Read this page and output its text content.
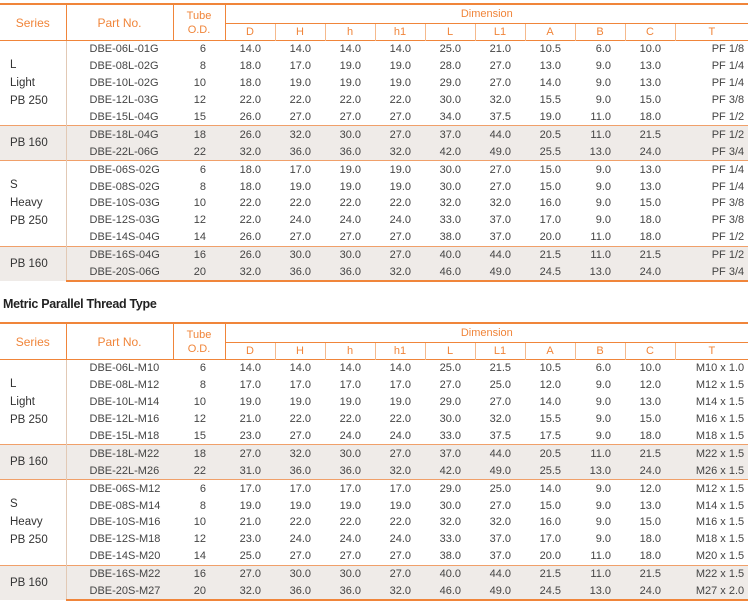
Series	Part No.	Tube
O.D.	Dimension									
			D	H	h	h1	L	L1	A	B	C	T
L
Light
PB 250	DBE-06L-01G	6	14.0	14.0	14.0	14.0	25.0	21.0	10.5	6.0	10.0	PF 1/8
	DBE-08L-02G	8	18.0	17.0	19.0	19.0	28.0	27.0	13.0	9.0	13.0	PF 1/4
	DBE-10L-02G	10	18.0	19.0	19.0	19.0	29.0	27.0	14.0	9.0	13.0	PF 1/4
	DBE-12L-03G	12	22.0	22.0	22.0	22.0	30.0	32.0	15.5	9.0	15.0	PF 3/8
	DBE-15L-04G	15	26.0	27.0	27.0	27.0	34.0	37.5	19.0	11.0	18.0	PF 1/2
PB 160	DBE-18L-04G	18	26.0	32.0	30.0	27.0	37.0	44.0	20.5	11.0	21.5	PF 1/2
	DBE-22L-06G	22	32.0	36.0	36.0	32.0	42.0	49.0	25.5	13.0	24.0	PF 3/4
S
Heavy
PB 250	DBE-06S-02G	6	18.0	17.0	19.0	19.0	30.0	27.0	15.0	9.0	13.0	PF 1/4
	DBE-08S-02G	8	18.0	19.0	19.0	19.0	30.0	27.0	15.0	9.0	13.0	PF 1/4
	DBE-10S-03G	10	22.0	22.0	22.0	22.0	32.0	32.0	16.0	9.0	15.0	PF 3/8
	DBE-12S-03G	12	22.0	24.0	24.0	24.0	33.0	37.0	17.0	9.0	18.0	PF 3/8
	DBE-14S-04G	14	26.0	27.0	27.0	27.0	38.0	37.0	20.0	11.0	18.0	PF 1/2
PB 160	DBE-16S-04G	16	26.0	30.0	30.0	27.0	40.0	44.0	21.5	11.0	21.5	PF 1/2
	DBE-20S-06G	20	32.0	36.0	36.0	32.0	46.0	49.0	24.5	13.0	24.0	PF 3/4
Metric Parallel Thread Type
Series	Part No.	Tube
O.D.	Dimension									
			D	H	h	h1	L	L1	A	B	C	T
L
Light
PB 250	DBE-06L-M10	6	14.0	14.0	14.0	14.0	25.0	21.5	10.5	6.0	10.0	M10 x 1.0
	DBE-08L-M12	8	17.0	17.0	17.0	17.0	27.0	25.0	12.0	9.0	12.0	M12 x 1.5
	DBE-10L-M14	10	19.0	19.0	19.0	19.0	29.0	27.0	14.0	9.0	13.0	M14 x 1.5
	DBE-12L-M16	12	21.0	22.0	22.0	22.0	30.0	32.0	15.5	9.0	15.0	M16 x 1.5
	DBE-15L-M18	15	23.0	27.0	24.0	24.0	33.0	37.5	17.5	9.0	18.0	M18 x 1.5
PB 160	DBE-18L-M22	18	27.0	32.0	30.0	27.0	37.0	44.0	20.5	11.0	21.5	M22 x 1.5
	DBE-22L-M26	22	31.0	36.0	36.0	32.0	42.0	49.0	25.5	13.0	24.0	M26 x 1.5
S
Heavy
PB 250	DBE-06S-M12	6	17.0	17.0	17.0	17.0	29.0	25.0	14.0	9.0	12.0	M12 x 1.5
	DBE-08S-M14	8	19.0	19.0	19.0	19.0	30.0	27.0	15.0	9.0	13.0	M14 x 1.5
	DBE-10S-M16	10	21.0	22.0	22.0	22.0	32.0	32.0	16.0	9.0	15.0	M16 x 1.5
	DBE-12S-M18	12	23.0	24.0	24.0	24.0	33.0	37.0	17.0	9.0	18.0	M18 x 1.5
	DBE-14S-M20	14	25.0	27.0	27.0	27.0	38.0	37.0	20.0	11.0	18.0	M20 x 1.5
PB 160	DBE-16S-M22	16	27.0	30.0	30.0	27.0	40.0	44.0	21.5	11.0	21.5	M22 x 1.5
	DBE-20S-M27	20	32.0	36.0	36.0	32.0	46.0	49.0	24.5	13.0	24.0	M27 x 2.0
